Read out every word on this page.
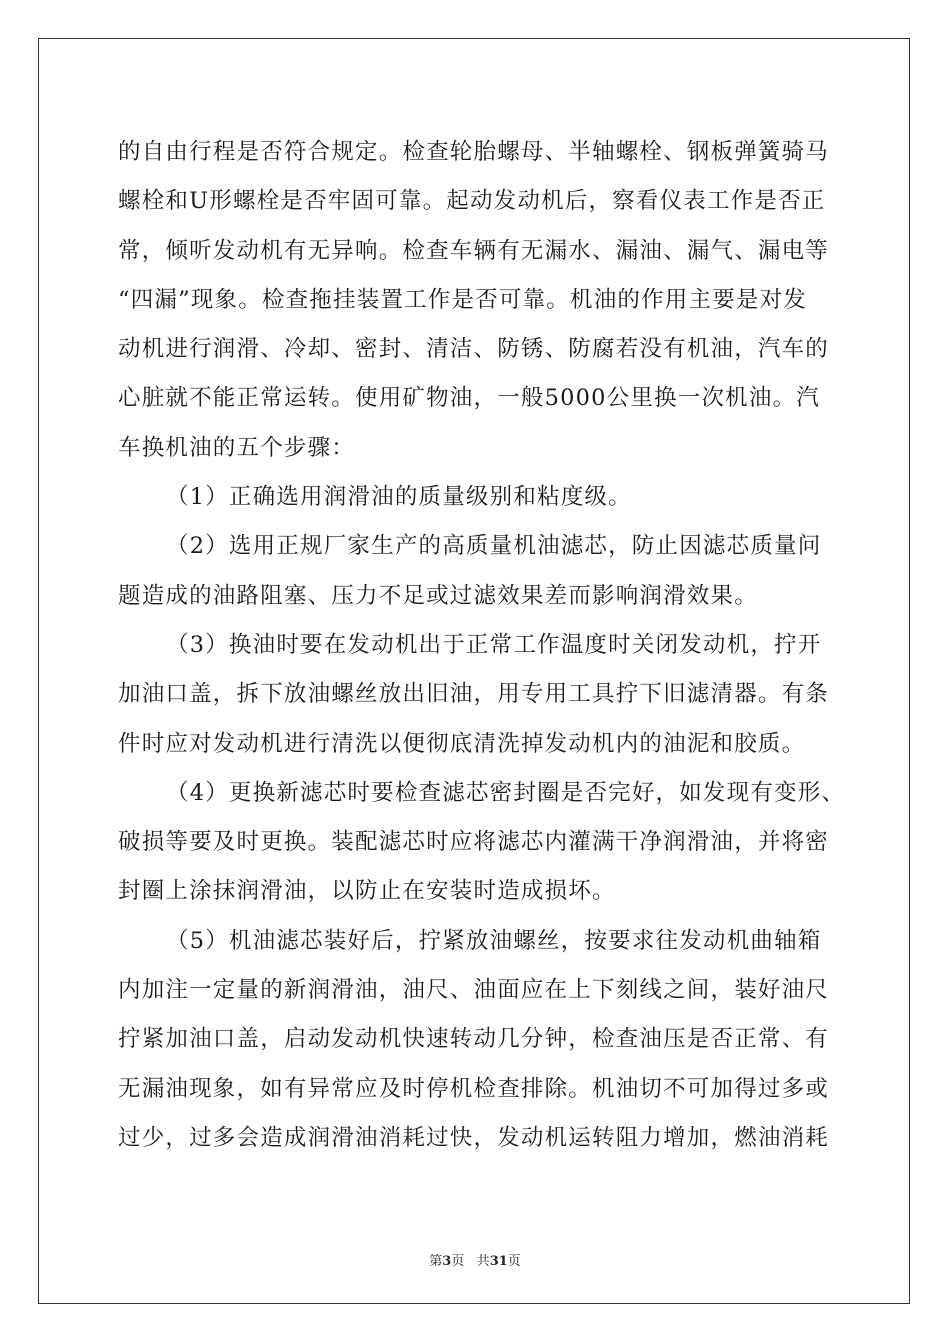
的自由行程是否符合规定。检查轮胎螺母、半轴螺栓、钢板弹簧骑马
螺栓和U形螺栓是否牢固可靠。起动发动机后，察看仪表工作是否正
常，倾听发动机有无异响。检查车辆有无漏水、漏油、漏气、漏电等
“四漏”现象。检查拖挂装置工作是否可靠。机油的作用主要是对发
动机进行润滑、冷却、密封、清洁、防锈、防腐若没有机油，汽车的
心脏就不能正常运转。使用矿物油，一般5000公里换一次机油。汽
车换机油的五个步骤：
（1）正确选用润滑油的质量级别和粘度级。
（2）选用正规厂家生产的高质量机油滤芯，防止因滤芯质量问
题造成的油路阻塞、压力不足或过滤效果差而影响润滑效果。
（3）换油时要在发动机出于正常工作温度时关闭发动机，拧开
加油口盖，拆下放油螺丝放出旧油，用专用工具拧下旧滤清器。有条
件时应对发动机进行清洗以便彻底清洗掉发动机内的油泥和胶质。
（4）更换新滤芯时要检查滤芯密封圈是否完好，如发现有变形、
破损等要及时更换。装配滤芯时应将滤芯内灌满干净润滑油，并将密
封圈上涂抹润滑油，以防止在安装时造成损坏。
（5）机油滤芯装好后，拧紧放油螺丝，按要求往发动机曲轴箱
内加注一定量的新润滑油，油尺、油面应在上下刻线之间，装好油尺
拧紧加油口盖，启动发动机快速转动几分钟，检查油压是否正常、有
无漏油现象，如有异常应及时停机检查排除。机油切不可加得过多或
过少，过多会造成润滑油消耗过快，发动机运转阻力增加，燃油消耗
第3页 共31页
